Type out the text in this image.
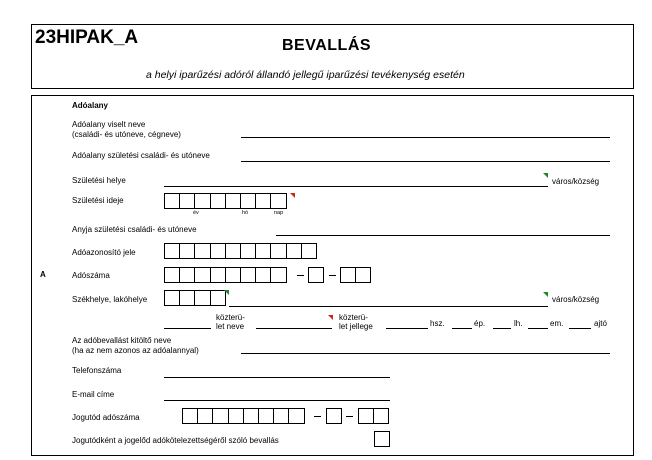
23HIPAK_A	BEVALLÁS
a helyi iparűzési adóról állandó jellegű iparűzési tevékenység esetén
A
Adóalany
Adóalany viselt neve
(családi- és utóneve, cégneve)
Adóalany születési családi- és utóneve
Születési helye	város/község
Születési ideje
év	hó	nap
Anyja születési családi- és utóneve
Adóazonosító jele
Adószáma
Székhelye, lakóhelye	város/község
közterü-
let neve
közterü-
let jellege	hsz.	ép.	lh.	em.	ajtó
Az adóbevallást kitöltő neve
(ha az nem azonos az adóalannyal)
Telefonszáma
E-mail címe
Jogutód adószáma
Jogutódként a jogelőd adókötelezettségéről szóló bevallás
